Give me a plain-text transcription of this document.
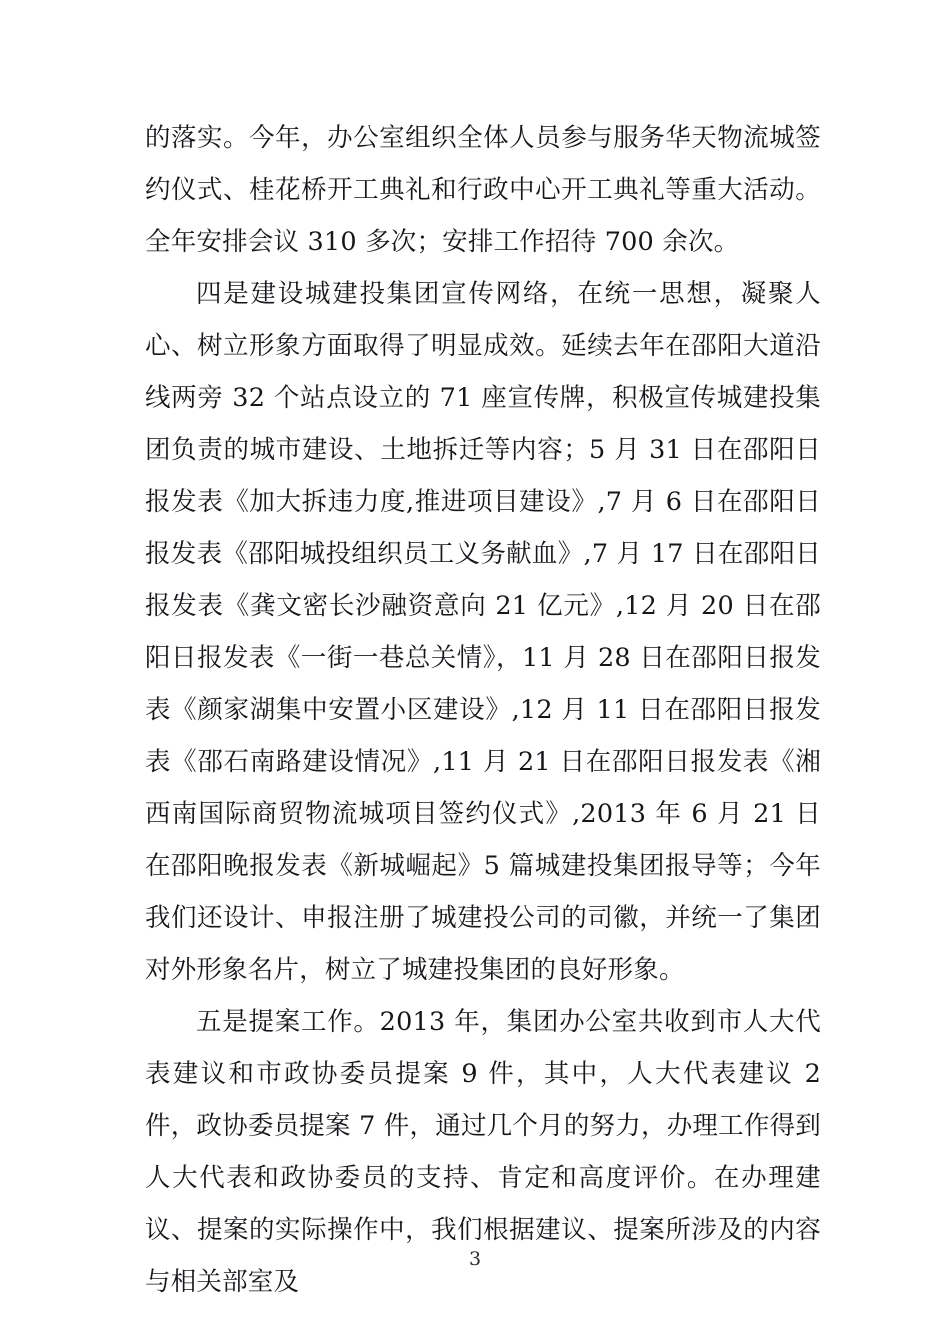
的落实。今年，办公室组织全体人员参与服务华天物流城签约仪式、桂花桥开工典礼和行政中心开工典礼等重大活动。全年安排会议 310 多次；安排工作招待 700 余次。

四是建设城建投集团宣传网络，在统一思想，凝聚人心、树立形象方面取得了明显成效。延续去年在邵阳大道沿线两旁 32 个站点设立的 71 座宣传牌，积极宣传城建投集团负责的城市建设、土地拆迁等内容；5 月 31 日在邵阳日报发表《加大拆违力度,推进项目建设》,7 月 6 日在邵阳日报发表《邵阳城投组织员工义务献血》,7 月 17 日在邵阳日报发表《龚文密长沙融资意向 21 亿元》,12 月 20 日在邵阳日报发表《一街一巷总关情》，11 月 28 日在邵阳日报发表《颜家湖集中安置小区建设》,12 月 11 日在邵阳日报发表《邵石南路建设情况》,11 月 21 日在邵阳日报发表《湘西南国际商贸物流城项目签约仪式》,2013 年 6 月 21 日在邵阳晚报发表《新城崛起》5 篇城建投集团报导等；今年我们还设计、申报注册了城建投公司的司徽，并统一了集团对外形象名片，树立了城建投集团的良好形象。

五是提案工作。2013 年，集团办公室共收到市人大代表建议和市政协委员提案 9 件，其中，人大代表建议 2 件，政协委员提案 7 件，通过几个月的努力，办理工作得到人大代表和政协委员的支持、肯定和高度评价。在办理建议、提案的实际操作中，我们根据建议、提案所涉及的内容与相关部室及

3
